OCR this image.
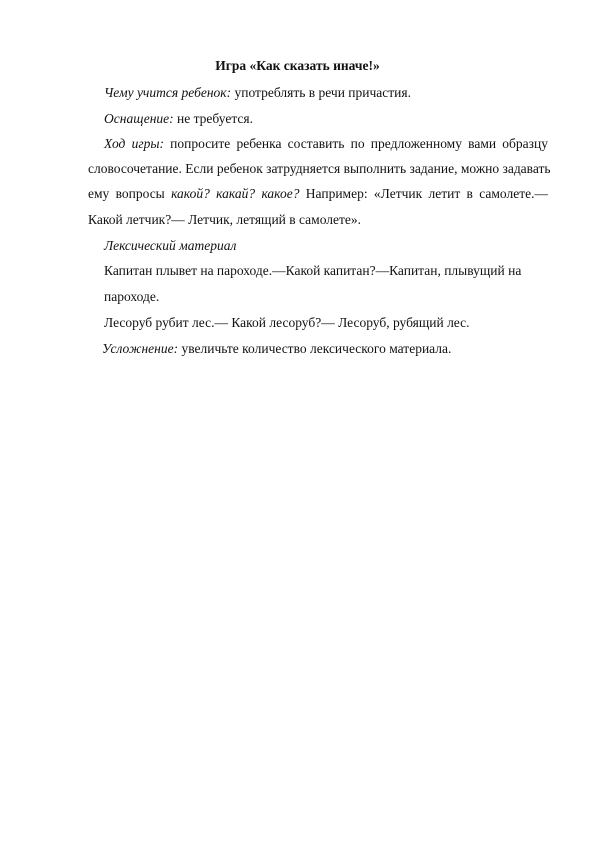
Игра «Как сказать иначе!»
Чему учится ребенок: употреблять в речи причастия.
Оснащение: не требуется.
Ход игры: попросите ребенка составить по предложенному вами образцу
словосочетание. Если ребенок затрудняется выполнить задание, можно задавать
ему вопросы какой? какай? какое? Например: «Летчик летит в самолете.—
Какой летчик?— Летчик, летящий в самолете».
Лексический материал
Капитан плывет на пароходе.—Какой капитан?—Капитан, плывущий на
пароходе.
Лесоруб рубит лес.— Какой лесоруб?— Лесоруб, рубящий лес.
Усложнение: увеличьте количество лексического материала.
